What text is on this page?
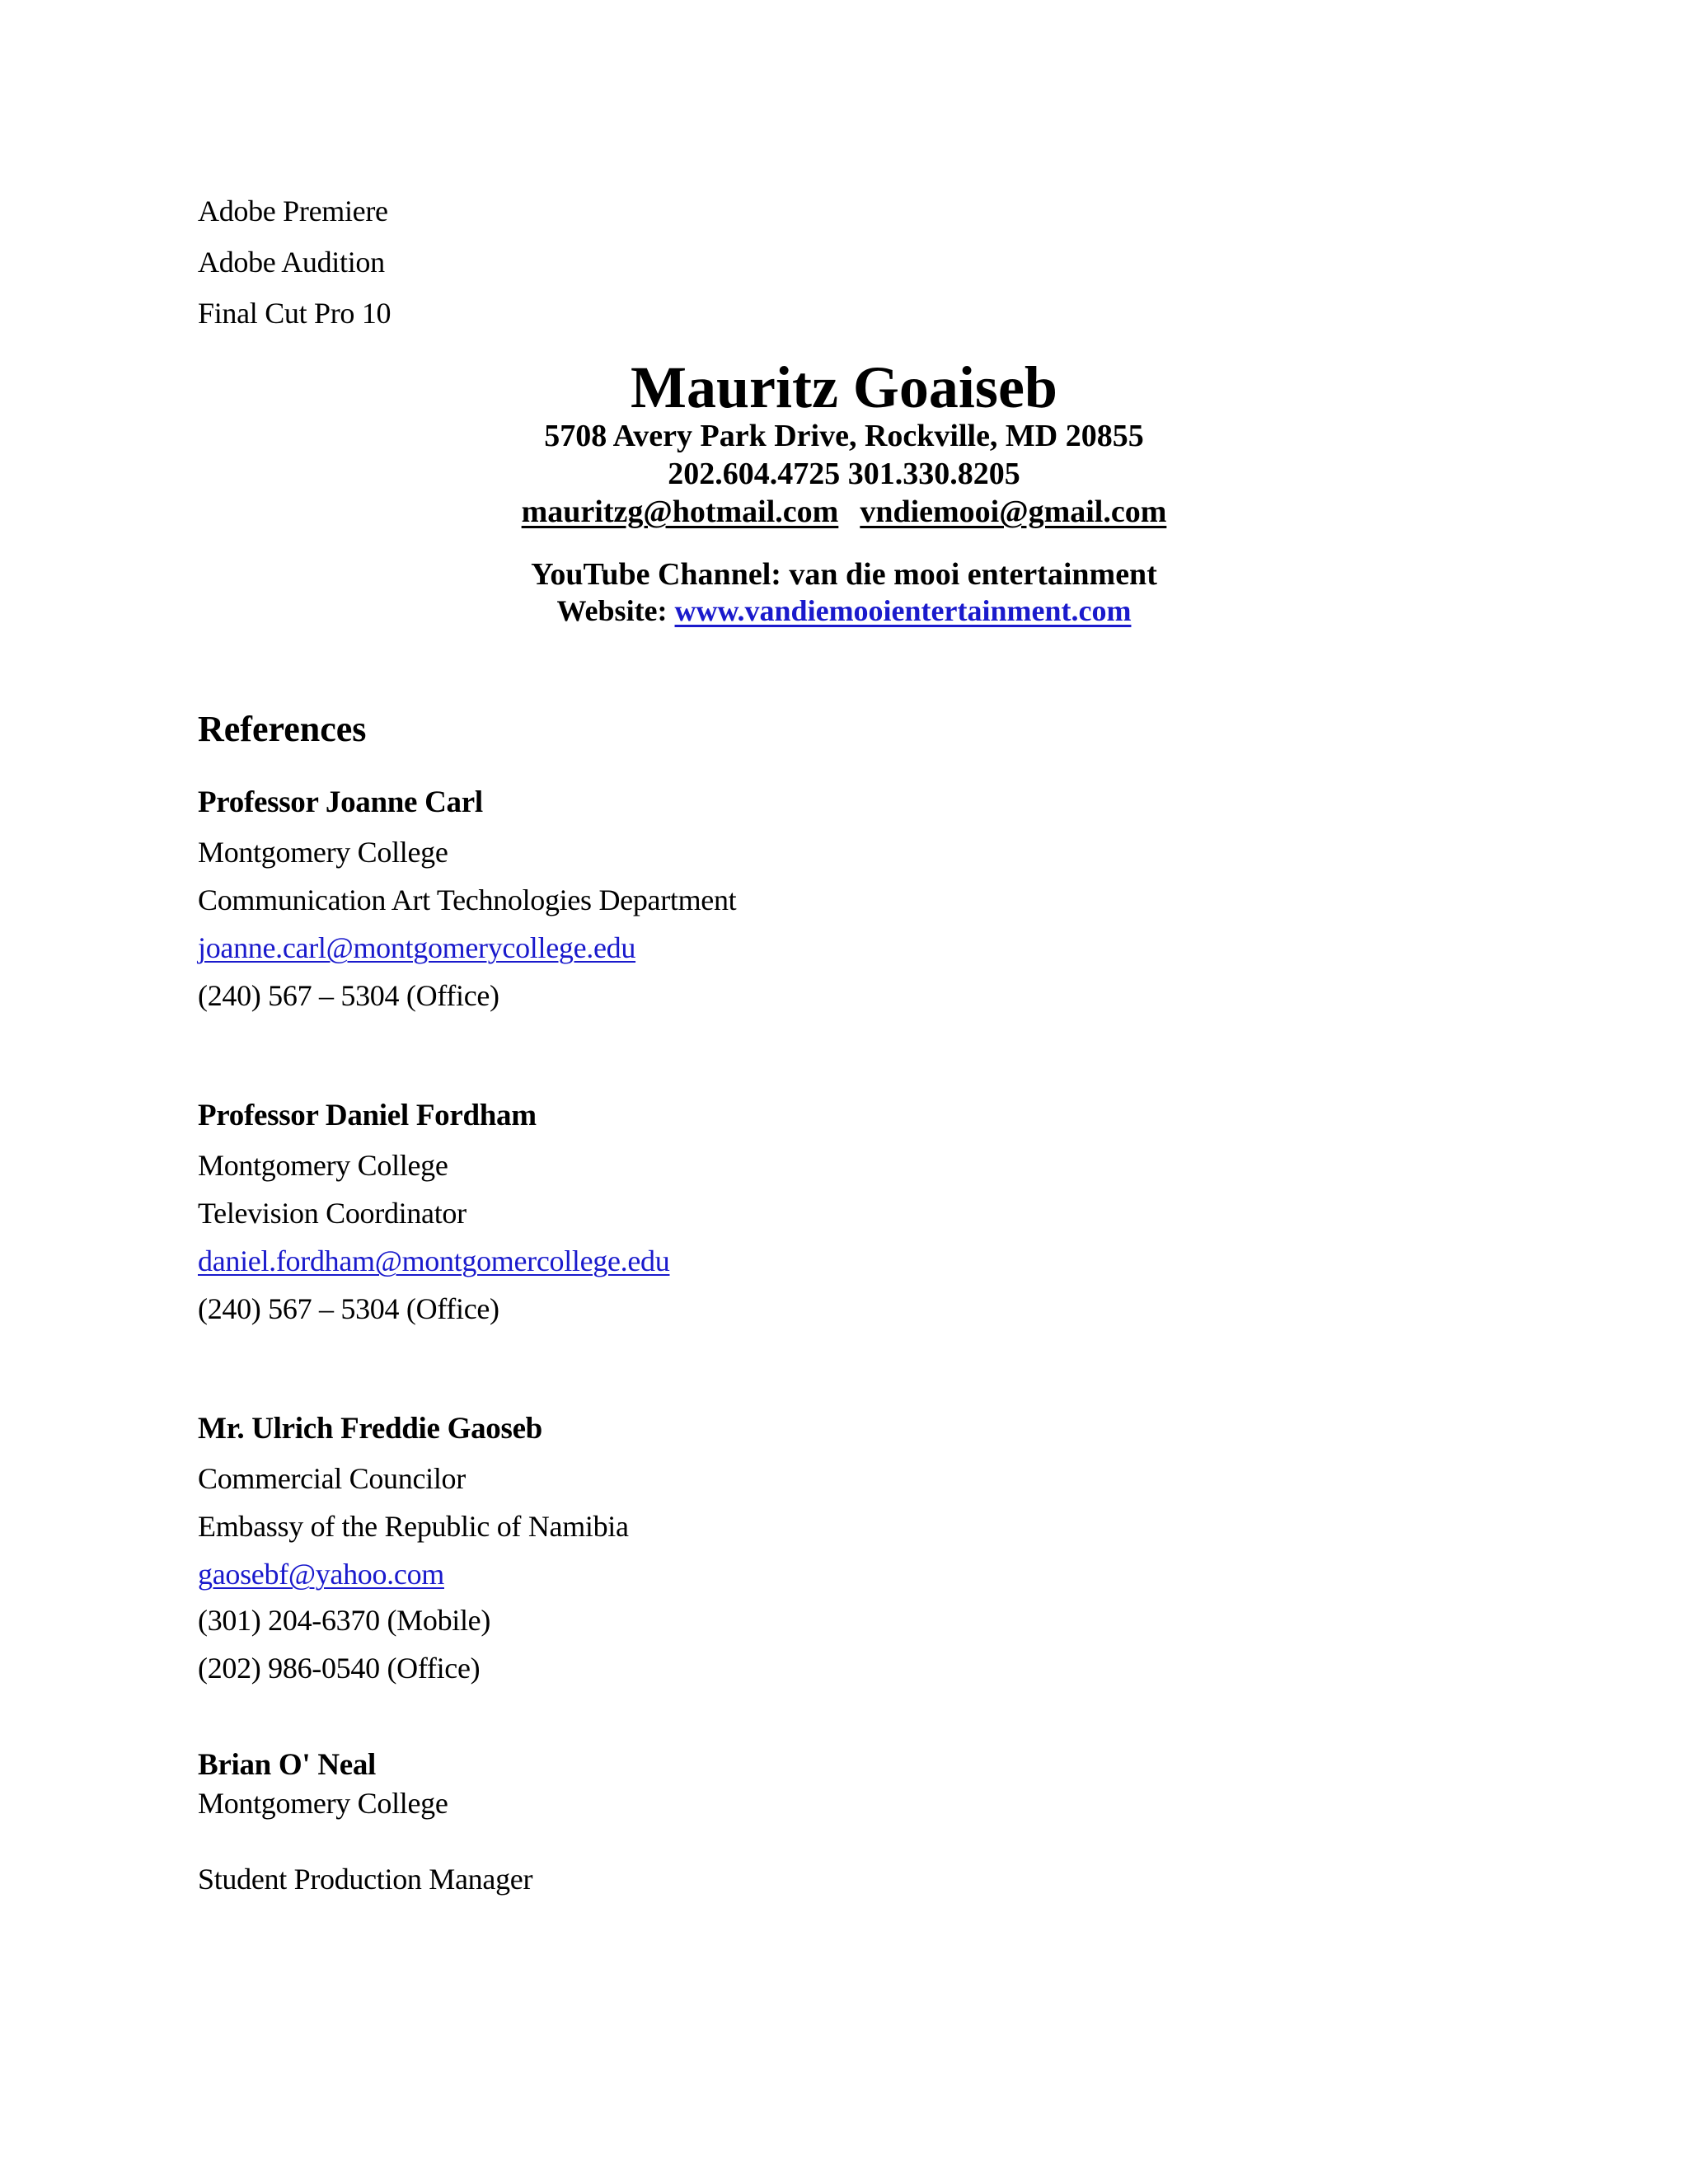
Adobe Premiere
Adobe Audition
Final Cut Pro 10
Mauritz Goaiseb
5708 Avery Park Drive, Rockville, MD 20855
202.604.4725 301.330.8205
mauritzg@hotmail.com vndiemooi@gmail.com
YouTube Channel: van die mooi entertainment
Website: www.vandiemooientertainment.com
References
Professor Joanne Carl
Montgomery College
Communication Art Technologies Department
joanne.carl@montgomerycollege.edu
(240) 567 – 5304 (Office)
Professor Daniel Fordham
Montgomery College
Television Coordinator
daniel.fordham@montgomercollege.edu
(240) 567 – 5304 (Office)
Mr. Ulrich Freddie Gaoseb
Commercial Councilor
Embassy of the Republic of Namibia
gaosebf@yahoo.com
(301) 204-6370 (Mobile)
(202) 986-0540 (Office)
Brian O' Neal
Montgomery College
Student Production Manager
